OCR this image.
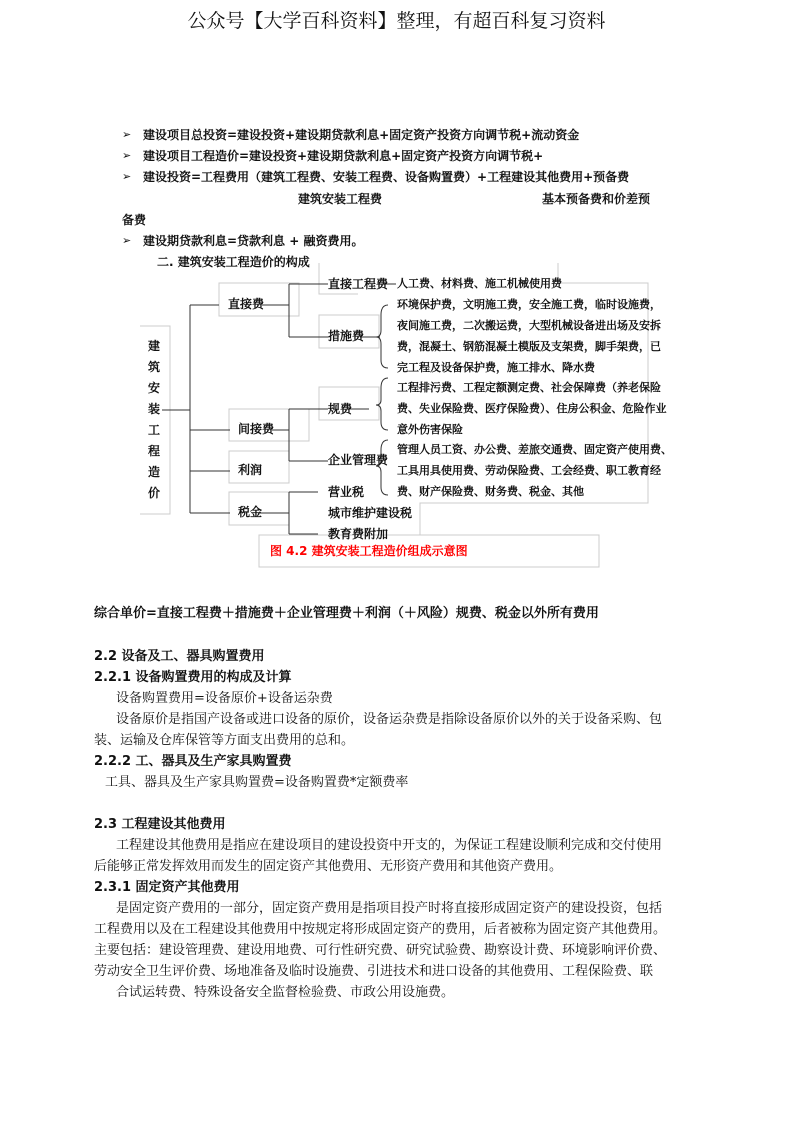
公众号【大学百科资料】整理，有超百科复习资料
➢ 建设项目总投资=建设投资+建设期贷款利息+固定资产投资方向调节税+流动资金
➢ 建设项目工程造价=建设投资+建设期贷款利息+固定资产投资方向调节税+
➢ 建设投资=工程费用（建筑工程费、安装工程费、设备购置费）+工程建设其他费用+预备费
建筑安装工程费	基本预备费和价差预
备费
➢ 建设期贷款利息=贷款利息 + 融资费用。
二. 建筑安装工程造价的构成
建
筑
安
装
工
程
造
价
直接费
间接费
利润
税金
直接工程费
措施费
规费
企业管理费
营业税
城市维护建设税
教育费附加
人工费、材料费、施工机械使用费
环境保护费，文明施工费，安全施工费，临时设施费，
夜间施工费，二次搬运费，大型机械设备进出场及安拆
费，混凝土、钢筋混凝土模版及支架费，脚手架费，已
完工程及设备保护费，施工排水、降水费
工程排污费、工程定额测定费、社会保障费（养老保险
费、失业保险费、医疗保险费）、住房公积金、危险作业
意外伤害保险
管理人员工资、办公费、差旅交通费、固定资产使用费、
工具用具使用费、劳动保险费、工会经费、职工教育经
费、财产保险费、财务费、税金、其他
图 4.2 建筑安装工程造价组成示意图
综合单价=直接工程费＋措施费＋企业管理费＋利润（＋风险）规费、税金以外所有费用
2.2 设备及工、器具购置费用
2.2.1 设备购置费用的构成及计算
设备购置费用=设备原价+设备运杂费
设备原价是指国产设备或进口设备的原价，设备运杂费是指除设备原价以外的关于设备采购、包
装、运输及仓库保管等方面支出费用的总和。
2.2.2 工、器具及生产家具购置费
工具、器具及生产家具购置费=设备购置费*定额费率
2.3 工程建设其他费用
工程建设其他费用是指应在建设项目的建设投资中开支的，为保证工程建设顺利完成和交付使用
后能够正常发挥效用而发生的固定资产其他费用、无形资产费用和其他资产费用。
2.3.1 固定资产其他费用
是固定资产费用的一部分，固定资产费用是指项目投产时将直接形成固定资产的建设投资，包括
工程费用以及在工程建设其他费用中按规定将形成固定资产的费用，后者被称为固定资产其他费用。
主要包括：建设管理费、建设用地费、可行性研究费、研究试验费、勘察设计费、环境影响评价费、
劳动安全卫生评价费、场地准备及临时设施费、引进技术和进口设备的其他费用、工程保险费、联
合试运转费、特殊设备安全监督检验费、市政公用设施费。
